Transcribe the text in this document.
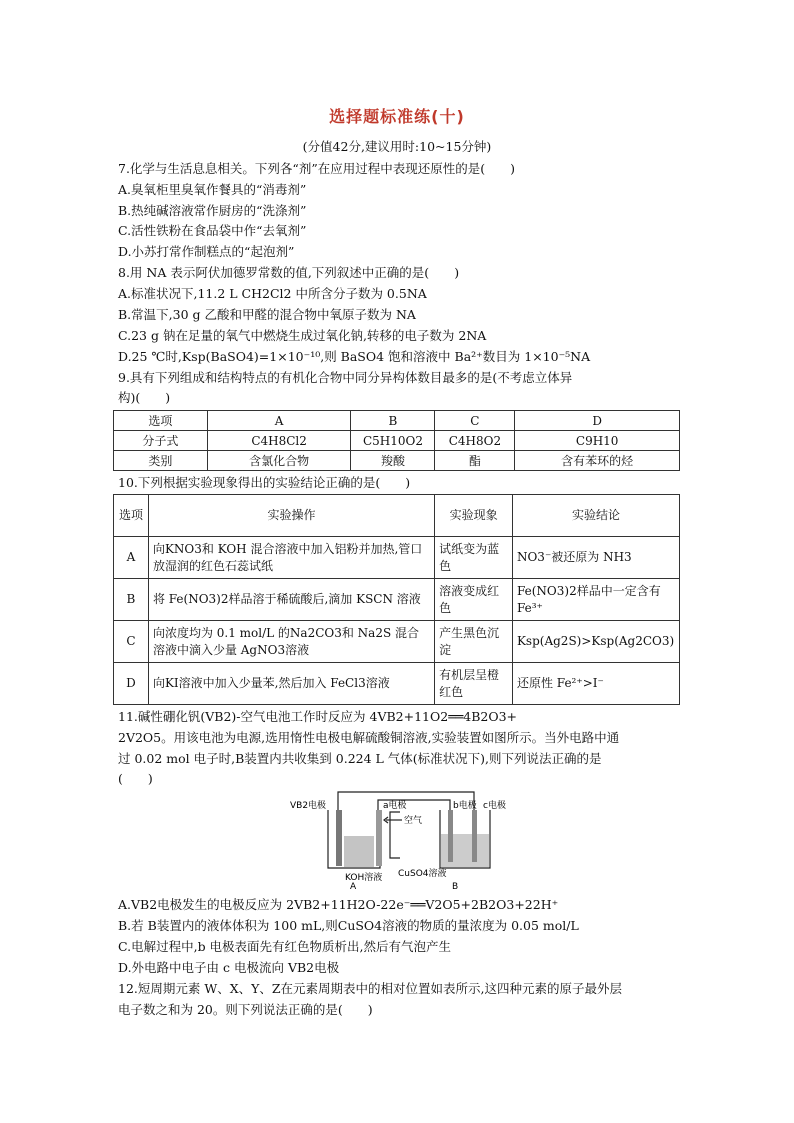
选择题标准练(十)
(分值42分,建议用时:10~15分钟)
7.化学与生活息息相关。下列各“剂”在应用过程中表现还原性的是(　　)
A.臭氧柜里臭氧作餐具的“消毒剂”
B.热纯碱溶液常作厨房的“洗涤剂”
C.活性铁粉在食品袋中作“去氧剂”
D.小苏打常作制糕点的“起泡剂”
8.用 NA 表示阿伏加德罗常数的值,下列叙述中正确的是(　　)
A.标准状况下,11.2 L CH2Cl2 中所含分子数为 0.5NA
B.常温下,30 g 乙酸和甲醛的混合物中氧原子数为 NA
C.23 g 钠在足量的氧气中燃烧生成过氧化钠,转移的电子数为 2NA
D.25 ℃时,Ksp(BaSO4)=1×10⁻¹⁰,则 BaSO4 饱和溶液中 Ba²⁺数目为 1×10⁻⁵NA
9.具有下列组成和结构特点的有机化合物中同分异构体数目最多的是(不考虑立体异
构)(　　)
选项	A	B	C	D
分子式	C4H8Cl2	C5H10O2	C4H8O2	C9H10
类别	含氯化合物	羧酸	酯	含有苯环的烃
10.下列根据实验现象得出的实验结论正确的是(　　)
选项	实验操作	实验现象	实验结论
A	向KNO3和 KOH 混合溶液中加入铝粉并加热,管口放湿润的红色石蕊试纸	试纸变为蓝色	NO3⁻被还原为 NH3
B	将 Fe(NO3)2样品溶于稀硫酸后,滴加 KSCN 溶液	溶液变成红色	Fe(NO3)2样品中一定含有Fe³⁺
C	向浓度均为 0.1 mol/L 的Na2CO3和 Na2S 混合溶液中滴入少量 AgNO3溶液	产生黑色沉淀	Ksp(Ag2S)>Ksp(Ag2CO3)
D	向KI溶液中加入少量苯,然后加入 FeCl3溶液	有机层呈橙红色	还原性 Fe²⁺>I⁻
11.碱性硼化钒(VB2)-空气电池工作时反应为 4VB2+11O2══4B2O3+
2V2O5。用该电池为电源,选用惰性电极电解硫酸铜溶液,实验装置如图所示。当外电路中通
过 0.02 mol 电子时,B装置内共收集到 0.224 L 气体(标准状况下),则下列说法正确的是
(　　)
VB2电极	a电极	b电极 c电极
空气
KOH溶液 CuSO4溶液
A	B
A.VB2电极发生的电极反应为 2VB2+11H2O-22e⁻══V2O5+2B2O3+22H⁺
B.若 B装置内的液体体积为 100 mL,则CuSO4溶液的物质的量浓度为 0.05 mol/L
C.电解过程中,b 电极表面先有红色物质析出,然后有气泡产生
D.外电路中电子由 c 电极流向 VB2电极
12.短周期元素 W、X、Y、Z在元素周期表中的相对位置如表所示,这四种元素的原子最外层
电子数之和为 20。则下列说法正确的是(　　)
